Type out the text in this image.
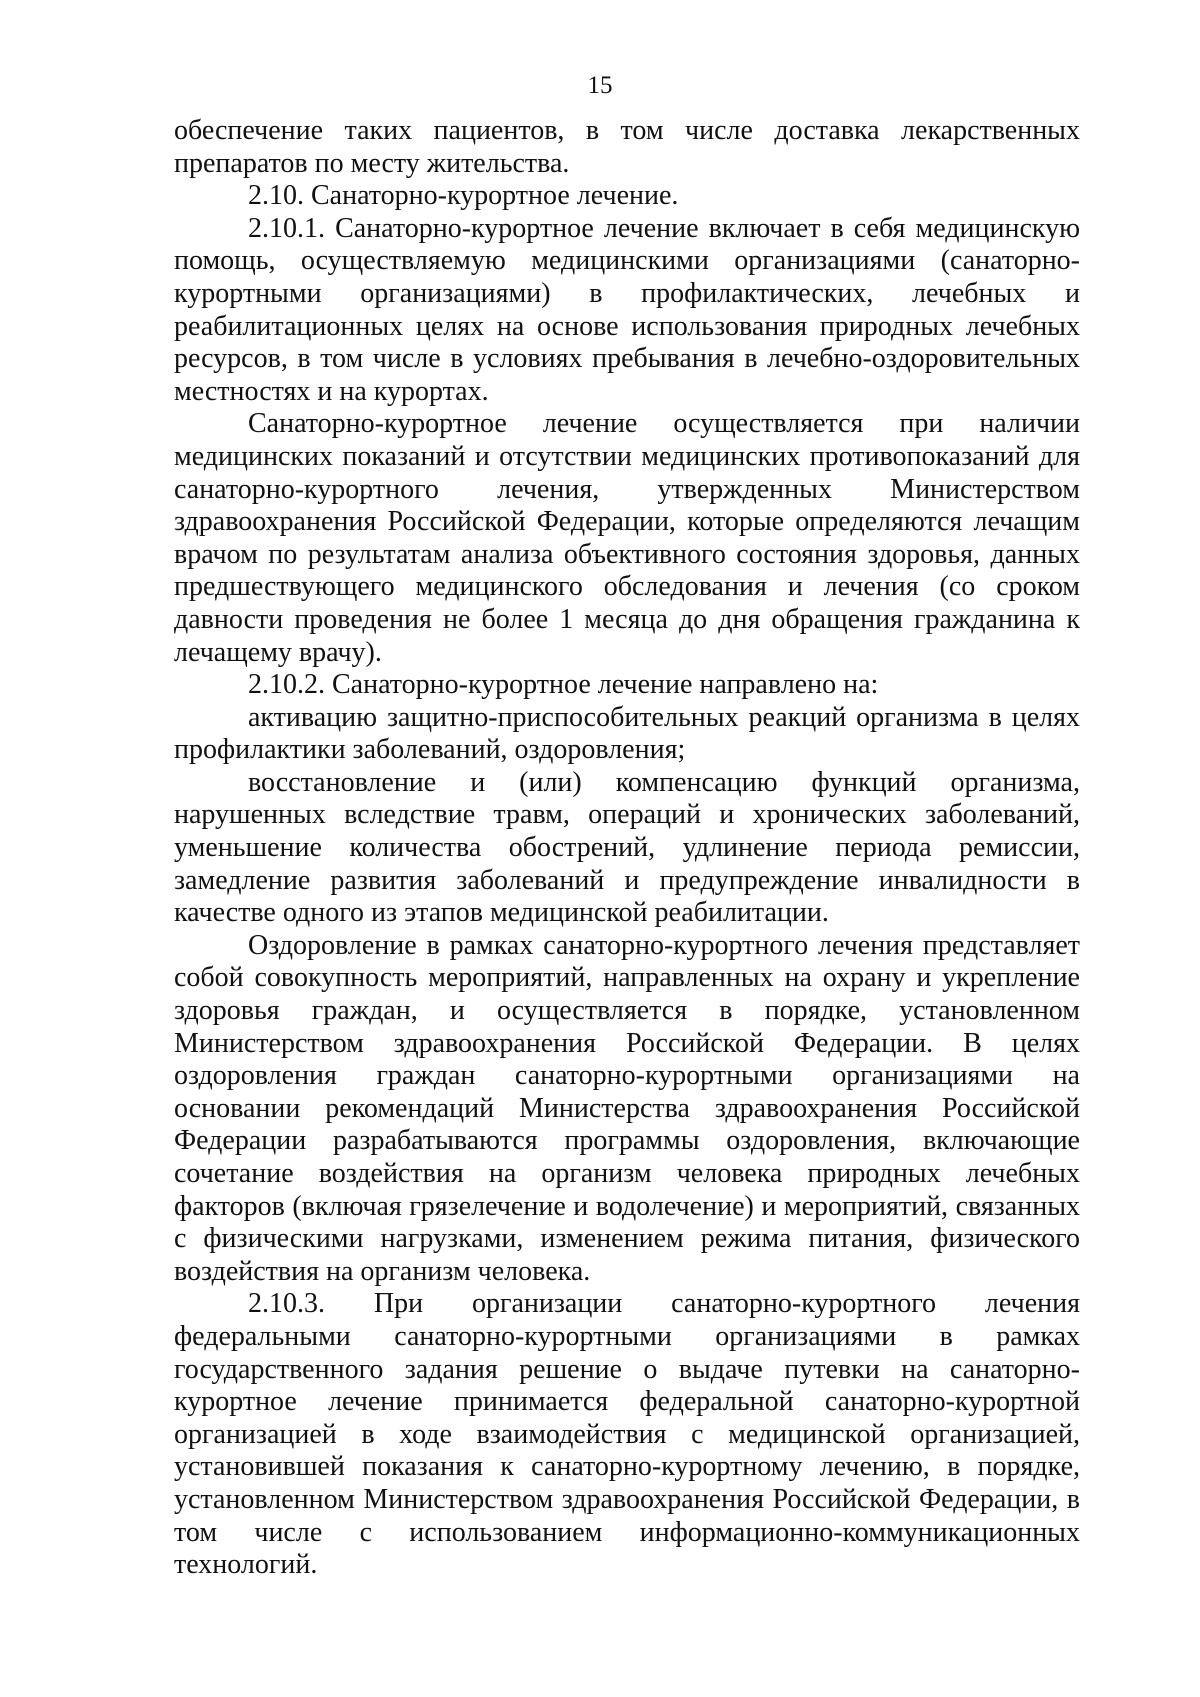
15

обеспечение таких пациентов, в том числе доставка лекарственных препаратов по месту жительства.

2.10. Санаторно-курортное лечение.

2.10.1. Санаторно-курортное лечение включает в себя медицинскую помощь, осуществляемую медицинскими организациями (санаторно-курортными организациями) в профилактических, лечебных и реабилитационных целях на основе использования природных лечебных ресурсов, в том числе в условиях пребывания в лечебно-оздоровительных местностях и на курортах.

Санаторно-курортное лечение осуществляется при наличии медицинских показаний и отсутствии медицинских противопоказаний для санаторно-курортного лечения, утвержденных Министерством здравоохранения Российской Федерации, которые определяются лечащим врачом по результатам анализа объективного состояния здоровья, данных предшествующего медицинского обследования и лечения (со сроком давности проведения не более 1 месяца до дня обращения гражданина к лечащему врачу).

2.10.2. Санаторно-курортное лечение направлено на:

активацию защитно-приспособительных реакций организма в целях профилактики заболеваний, оздоровления;

восстановление и (или) компенсацию функций организма, нарушенных вследствие травм, операций и хронических заболеваний, уменьшение количества обострений, удлинение периода ремиссии, замедление развития заболеваний и предупреждение инвалидности в качестве одного из этапов медицинской реабилитации.

Оздоровление в рамках санаторно-курортного лечения представляет собой совокупность мероприятий, направленных на охрану и укрепление здоровья граждан, и осуществляется в порядке, установленном Министерством здравоохранения Российской Федерации. В целях оздоровления граждан санаторно-курортными организациями на основании рекомендаций Министерства здравоохранения Российской Федерации разрабатываются программы оздоровления, включающие сочетание воздействия на организм человека природных лечебных факторов (включая грязелечение и водолечение) и мероприятий, связанных с физическими нагрузками, изменением режима питания, физического воздействия на организм человека.

2.10.3. При организации санаторно-курортного лечения федеральными санаторно-курортными организациями в рамках государственного задания решение о выдаче путевки на санаторно-курортное лечение принимается федеральной санаторно-курортной организацией в ходе взаимодействия с медицинской организацией, установившей показания к санаторно-курортному лечению, в порядке, установленном Министерством здравоохранения Российской Федерации, в том числе с использованием информационно-коммуникационных технологий.
